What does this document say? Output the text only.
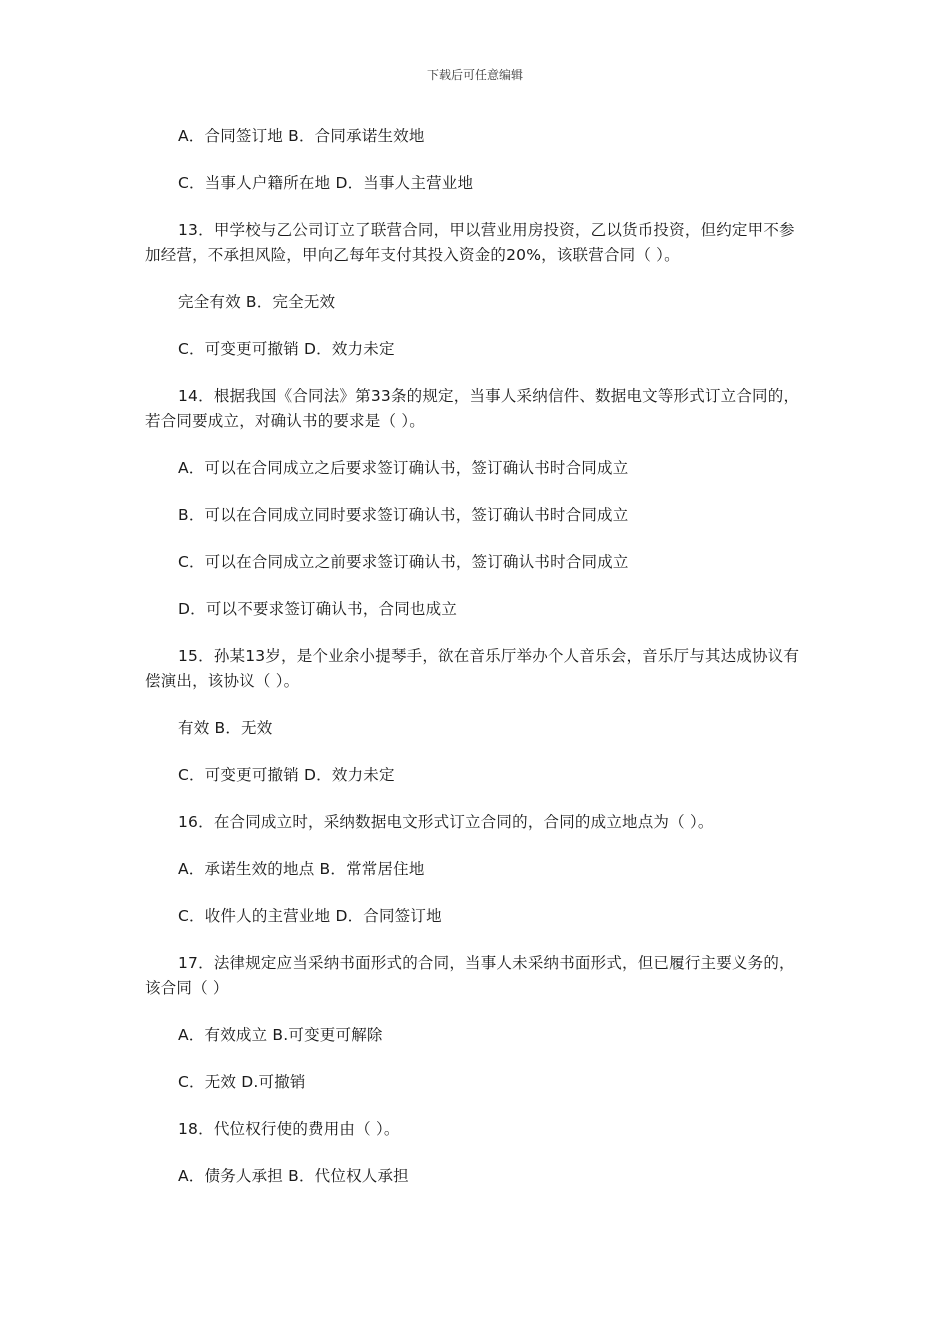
下载后可任意编辑

A．合同签订地 B．合同承诺生效地

C．当事人户籍所在地 D．当事人主营业地

13．甲学校与乙公司订立了联营合同，甲以营业用房投资，乙以货币投资，但约定甲不参加经营，不承担风险，甲向乙每年支付其投入资金的20%，该联营合同（ ）。

完全有效 B．完全无效

C．可变更可撤销 D．效力未定

14．根据我国《合同法》第33条的规定，当事人采纳信件、数据电文等形式订立合同的，若合同要成立，对确认书的要求是（ ）。

A．可以在合同成立之后要求签订确认书，签订确认书时合同成立

B．可以在合同成立同时要求签订确认书，签订确认书时合同成立

C．可以在合同成立之前要求签订确认书，签订确认书时合同成立

D．可以不要求签订确认书，合同也成立

15．孙某13岁，是个业余小提琴手，欲在音乐厅举办个人音乐会，音乐厅与其达成协议有偿演出，该协议（ ）。

有效 B．无效

C．可变更可撤销 D．效力未定

16．在合同成立时，采纳数据电文形式订立合同的，合同的成立地点为（ ）。

A．承诺生效的地点 B．常常居住地

C．收件人的主营业地 D．合同签订地

17．法律规定应当采纳书面形式的合同，当事人未采纳书面形式，但已履行主要义务的，该合同（ ）

A．有效成立 B.可变更可解除

C．无效 D.可撤销

18．代位权行使的费用由（ ）。

A．债务人承担 B．代位权人承担
